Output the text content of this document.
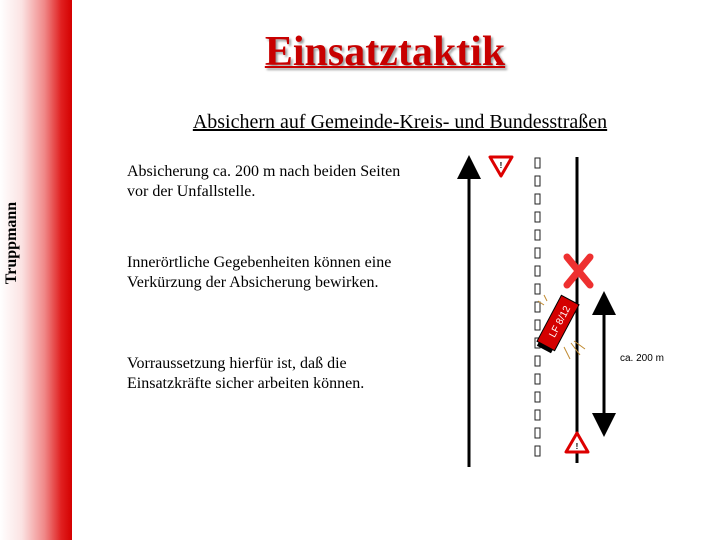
Truppmann
Einsatztaktik
Absichern auf Gemeinde-Kreis- und Bundesstraßen
Absicherung ca. 200 m nach beiden Seiten vor der Unfallstelle.
Innerörtliche Gegebenheiten können eine Verkürzung der Absicherung bewirken.
Vorraussetzung hierfür ist, daß die Einsatzkräfte sicher arbeiten können.
!
LF 8/12
!
ca. 200 m
